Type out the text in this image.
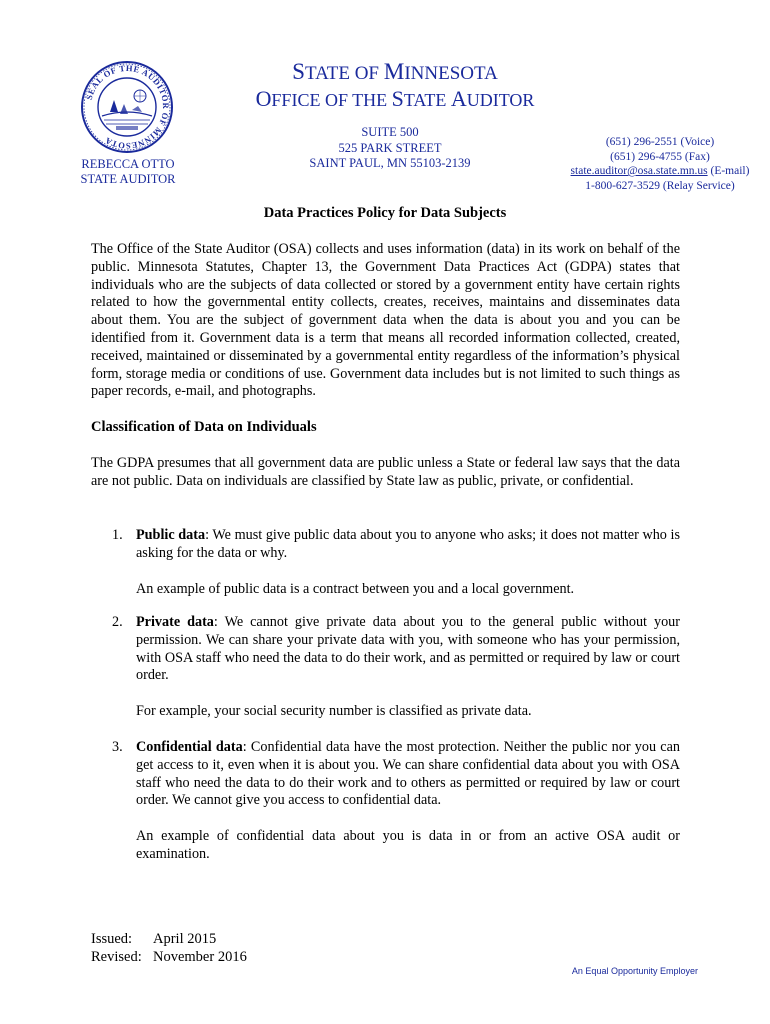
SEAL OF THE AUDITOR OF MINNESOTA
REBECCA OTTO
STATE AUDITOR
STATE OF MINNESOTA
OFFICE OF THE STATE AUDITOR
SUITE 500
525 PARK STREET
SAINT PAUL, MN 55103-2139
(651) 296-2551 (Voice)
(651) 296-4755 (Fax)
state.auditor@osa.state.mn.us (E-mail)
1-800-627-3529 (Relay Service)
Data Practices Policy for Data Subjects

The Office of the State Auditor (OSA) collects and uses information (data) in its work on behalf of the public. Minnesota Statutes, Chapter 13, the Government Data Practices Act (GDPA) states that individuals who are the subjects of data collected or stored by a government entity have certain rights related to how the governmental entity collects, creates, receives, maintains and disseminates data about them. You are the subject of government data when the data is about you and you can be identified from it. Government data is a term that means all recorded information collected, created, received, maintained or disseminated by a governmental entity regardless of the information’s physical form, storage media or conditions of use. Government data includes but is not limited to such things as paper records, e-mail, and photographs.

Classification of Data on Individuals

The GDPA presumes that all government data are public unless a State or federal law says that the data are not public. Data on individuals are classified by State law as public, private, or confidential.

1. Public data: We must give public data about you to anyone who asks; it does not matter who is asking for the data or why.
An example of public data is a contract between you and a local government.
2. Private data: We cannot give private data about you to the general public without your permission. We can share your private data with you, with someone who has your permission, with OSA staff who need the data to do their work, and as permitted or required by law or court order.
For example, your social security number is classified as private data.
3. Confidential data: Confidential data have the most protection. Neither the public nor you can get access to it, even when it is about you. We can share confidential data about you with OSA staff who need the data to do their work and to others as permitted or required by law or court order. We cannot give you access to confidential data.
An example of confidential data about you is data in or from an active OSA audit or examination.
Issued: April 2015
Revised: November 2016
An Equal Opportunity Employer
